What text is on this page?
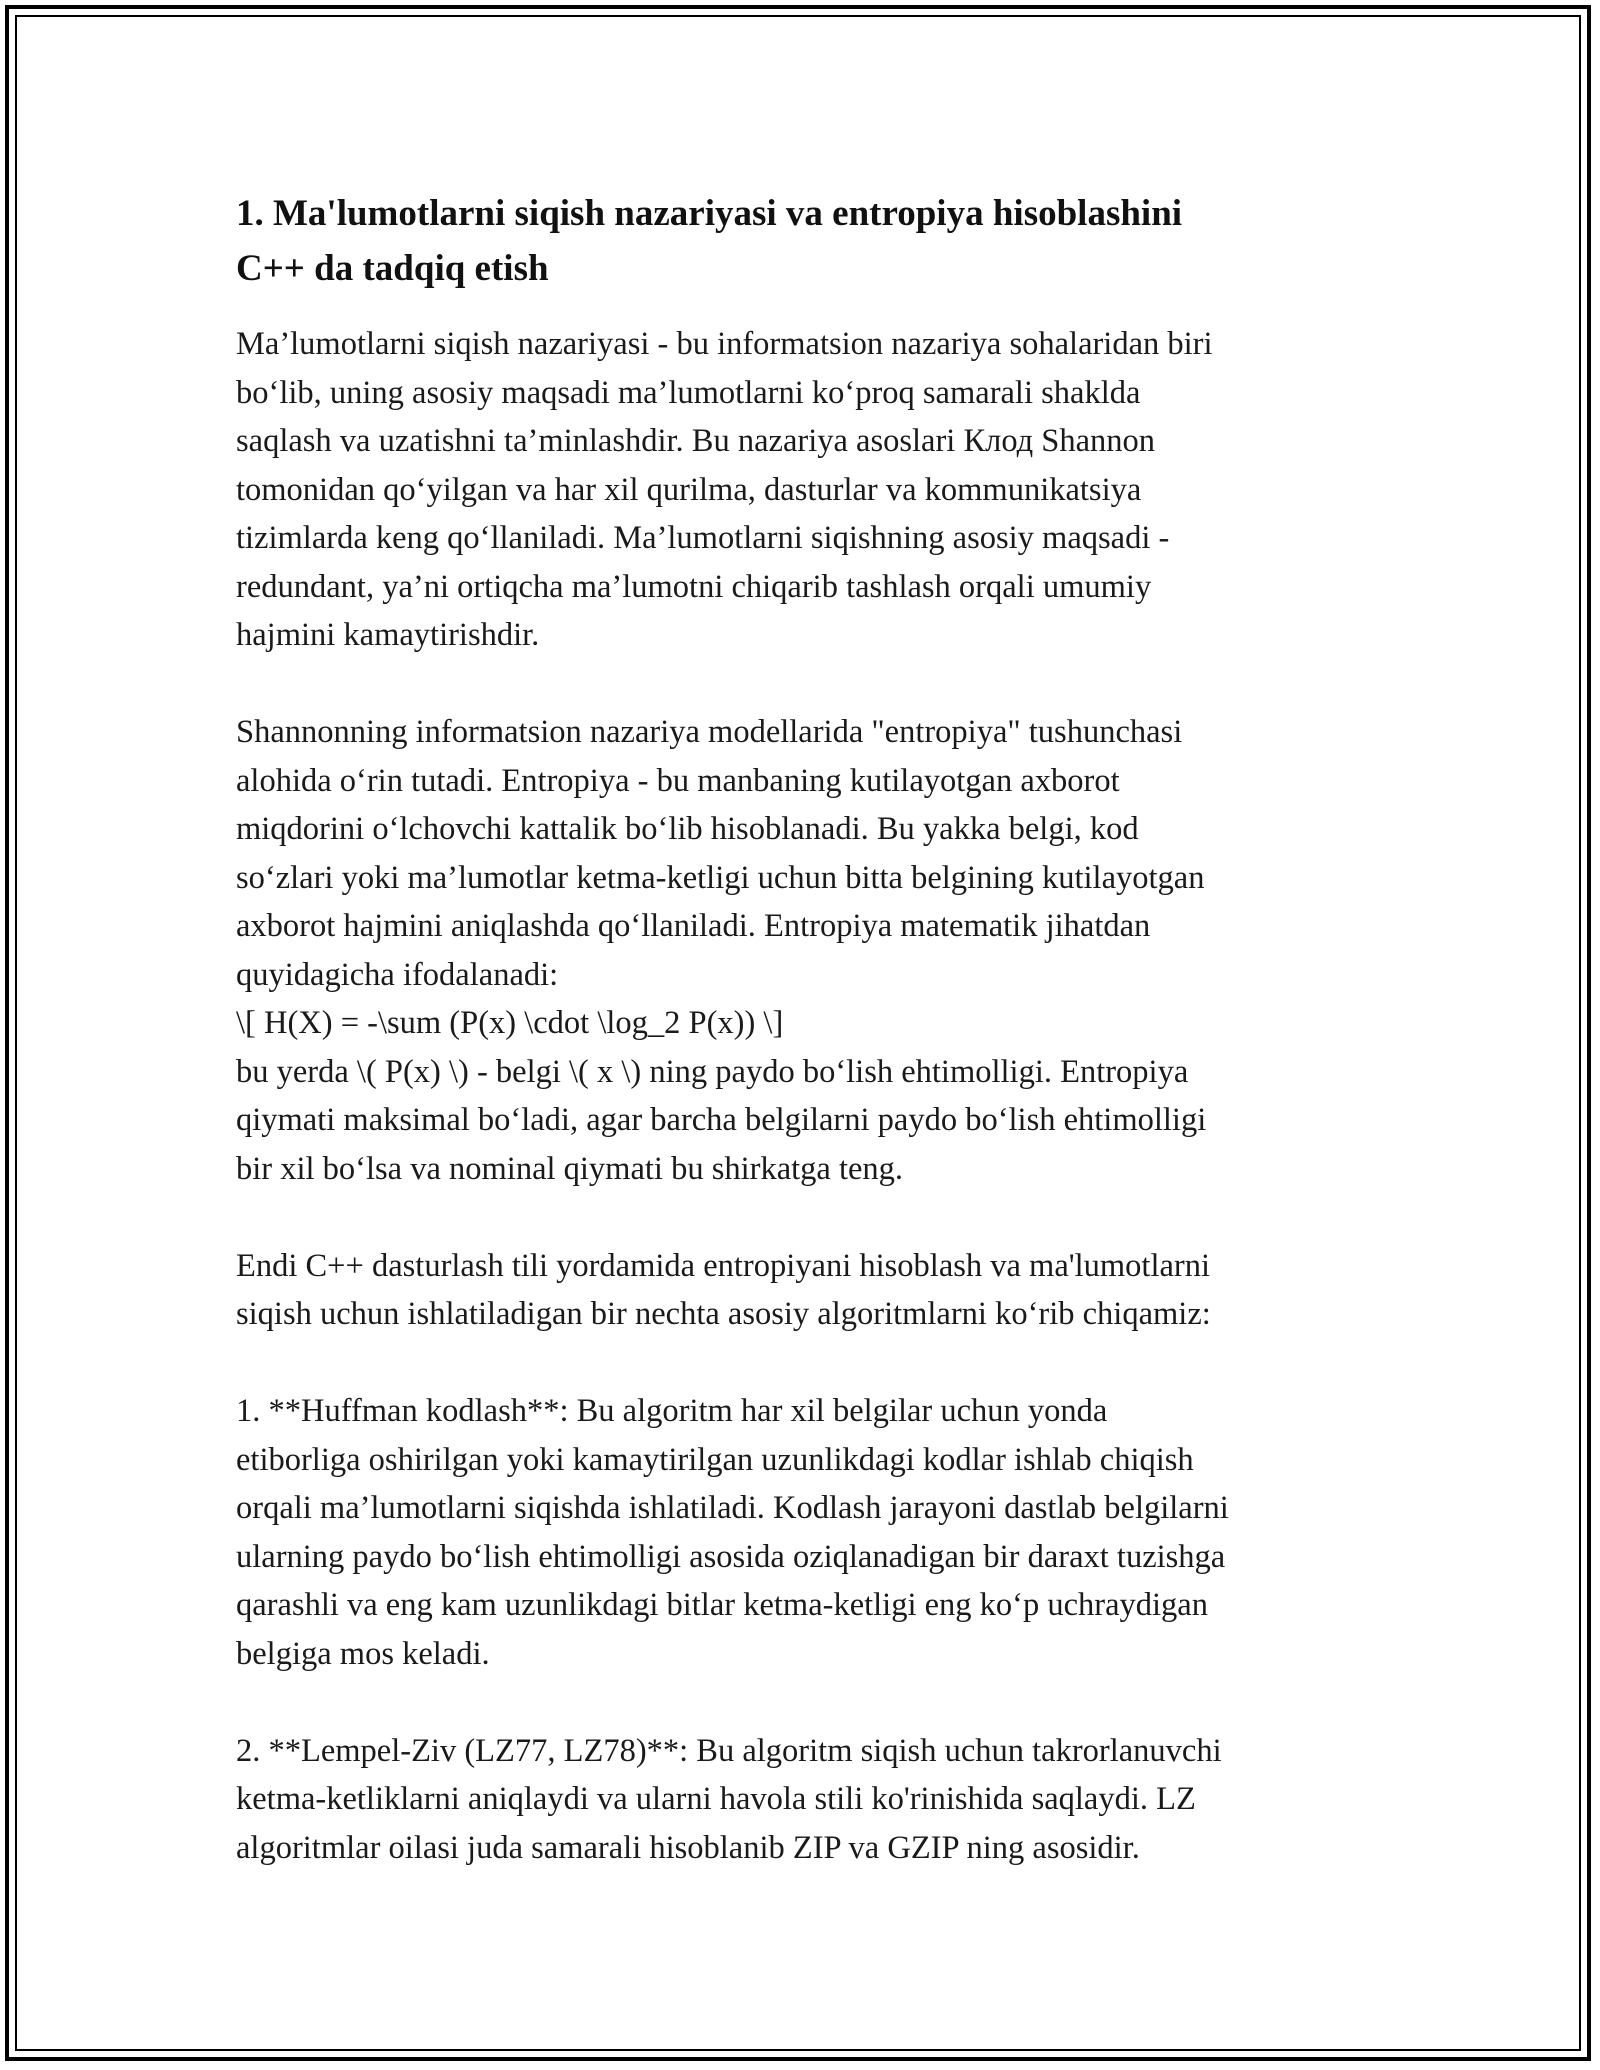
1. Ma'lumotlarni siqish nazariyasi va entropiya hisoblashini
C++ da tadqiq etish

Ma’lumotlarni siqish nazariyasi - bu informatsion nazariya sohalaridan biri
bo‘lib, uning asosiy maqsadi ma’lumotlarni ko‘proq samarali shaklda
saqlash va uzatishni ta’minlashdir. Bu nazariya asoslari Клод Shannon
tomonidan qo‘yilgan va har xil qurilma, dasturlar va kommunikatsiya
tizimlarda keng qo‘llaniladi. Ma’lumotlarni siqishning asosiy maqsadi -
redundant, ya’ni ortiqcha ma’lumotni chiqarib tashlash orqali umumiy
hajmini kamaytirishdir.

Shannonning informatsion nazariya modellarida "entropiya" tushunchasi
alohida o‘rin tutadi. Entropiya - bu manbaning kutilayotgan axborot
miqdorini o‘lchovchi kattalik bo‘lib hisoblanadi. Bu yakka belgi, kod
so‘zlari yoki ma’lumotlar ketma-ketligi uchun bitta belgining kutilayotgan
axborot hajmini aniqlashda qo‘llaniladi. Entropiya matematik jihatdan
quyidagicha ifodalanadi:
\[ H(X) = -\sum (P(x) \cdot \log_2 P(x)) \]
bu yerda \( P(x) \) - belgi \( x \) ning paydo bo‘lish ehtimolligi. Entropiya
qiymati maksimal bo‘ladi, agar barcha belgilarni paydo bo‘lish ehtimolligi
bir xil bo‘lsa va nominal qiymati bu shirkatga teng.

Endi C++ dasturlash tili yordamida entropiyani hisoblash va ma'lumotlarni
siqish uchun ishlatiladigan bir nechta asosiy algoritmlarni ko‘rib chiqamiz:

1. **Huffman kodlash**: Bu algoritm har xil belgilar uchun yonda
etiborliga oshirilgan yoki kamaytirilgan uzunlikdagi kodlar ishlab chiqish
orqali ma’lumotlarni siqishda ishlatiladi. Kodlash jarayoni dastlab belgilarni
ularning paydo bo‘lish ehtimolligi asosida oziqlanadigan bir daraxt tuzishga
qarashli va eng kam uzunlikdagi bitlar ketma-ketligi eng ko‘p uchraydigan
belgiga mos keladi.

2. **Lempel-Ziv (LZ77, LZ78)**: Bu algoritm siqish uchun takrorlanuvchi
ketma-ketliklarni aniqlaydi va ularni havola stili ko'rinishida saqlaydi. LZ
algoritmlar oilasi juda samarali hisoblanib ZIP va GZIP ning asosidir.
